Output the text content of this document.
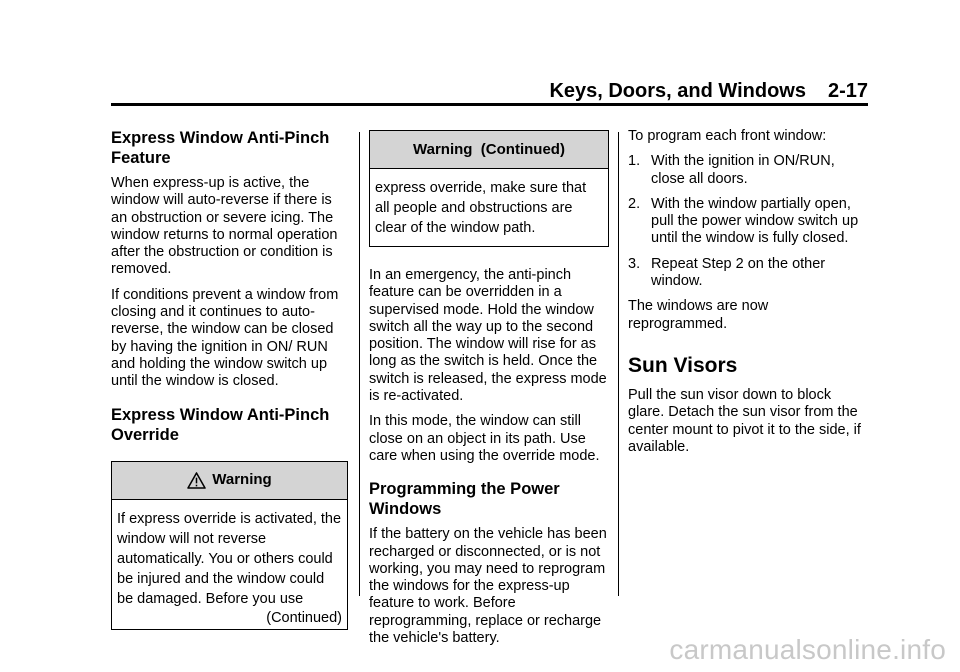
Keys, Doors, and Windows 2-17
Express Window Anti-Pinch Feature

When express-up is active, the window will auto-reverse if there is an obstruction or severe icing. The window returns to normal operation after the obstruction or condition is removed.

If conditions prevent a window from closing and it continues to auto-reverse, the window can be closed by having the ignition in ON/ RUN and holding the window switch up until the window is closed.

Express Window Anti-Pinch Override
Warning
If express override is activated, the window will not reverse automatically. You or others could be injured and the window could be damaged. Before you use
(Continued)
Warning  (Continued)
express override, make sure that all people and obstructions are clear of the window path.

In an emergency, the anti-pinch feature can be overridden in a supervised mode. Hold the window switch all the way up to the second position. The window will rise for as long as the switch is held. Once the switch is released, the express mode is re-activated.

In this mode, the window can still close on an object in its path. Use care when using the override mode.

Programming the Power Windows

If the battery on the vehicle has been recharged or disconnected, or is not working, you may need to reprogram the windows for the express-up feature to work. Before reprogramming, replace or recharge the vehicle's battery.

To program each front window:

1. With the ignition in ON/RUN, close all doors.
2. With the window partially open, pull the power window switch up until the window is fully closed.
3. Repeat Step 2 on the other window.

The windows are now reprogrammed.

Sun Visors

Pull the sun visor down to block glare. Detach the sun visor from the center mount to pivot it to the side, if available.

carmanualsonline.info
